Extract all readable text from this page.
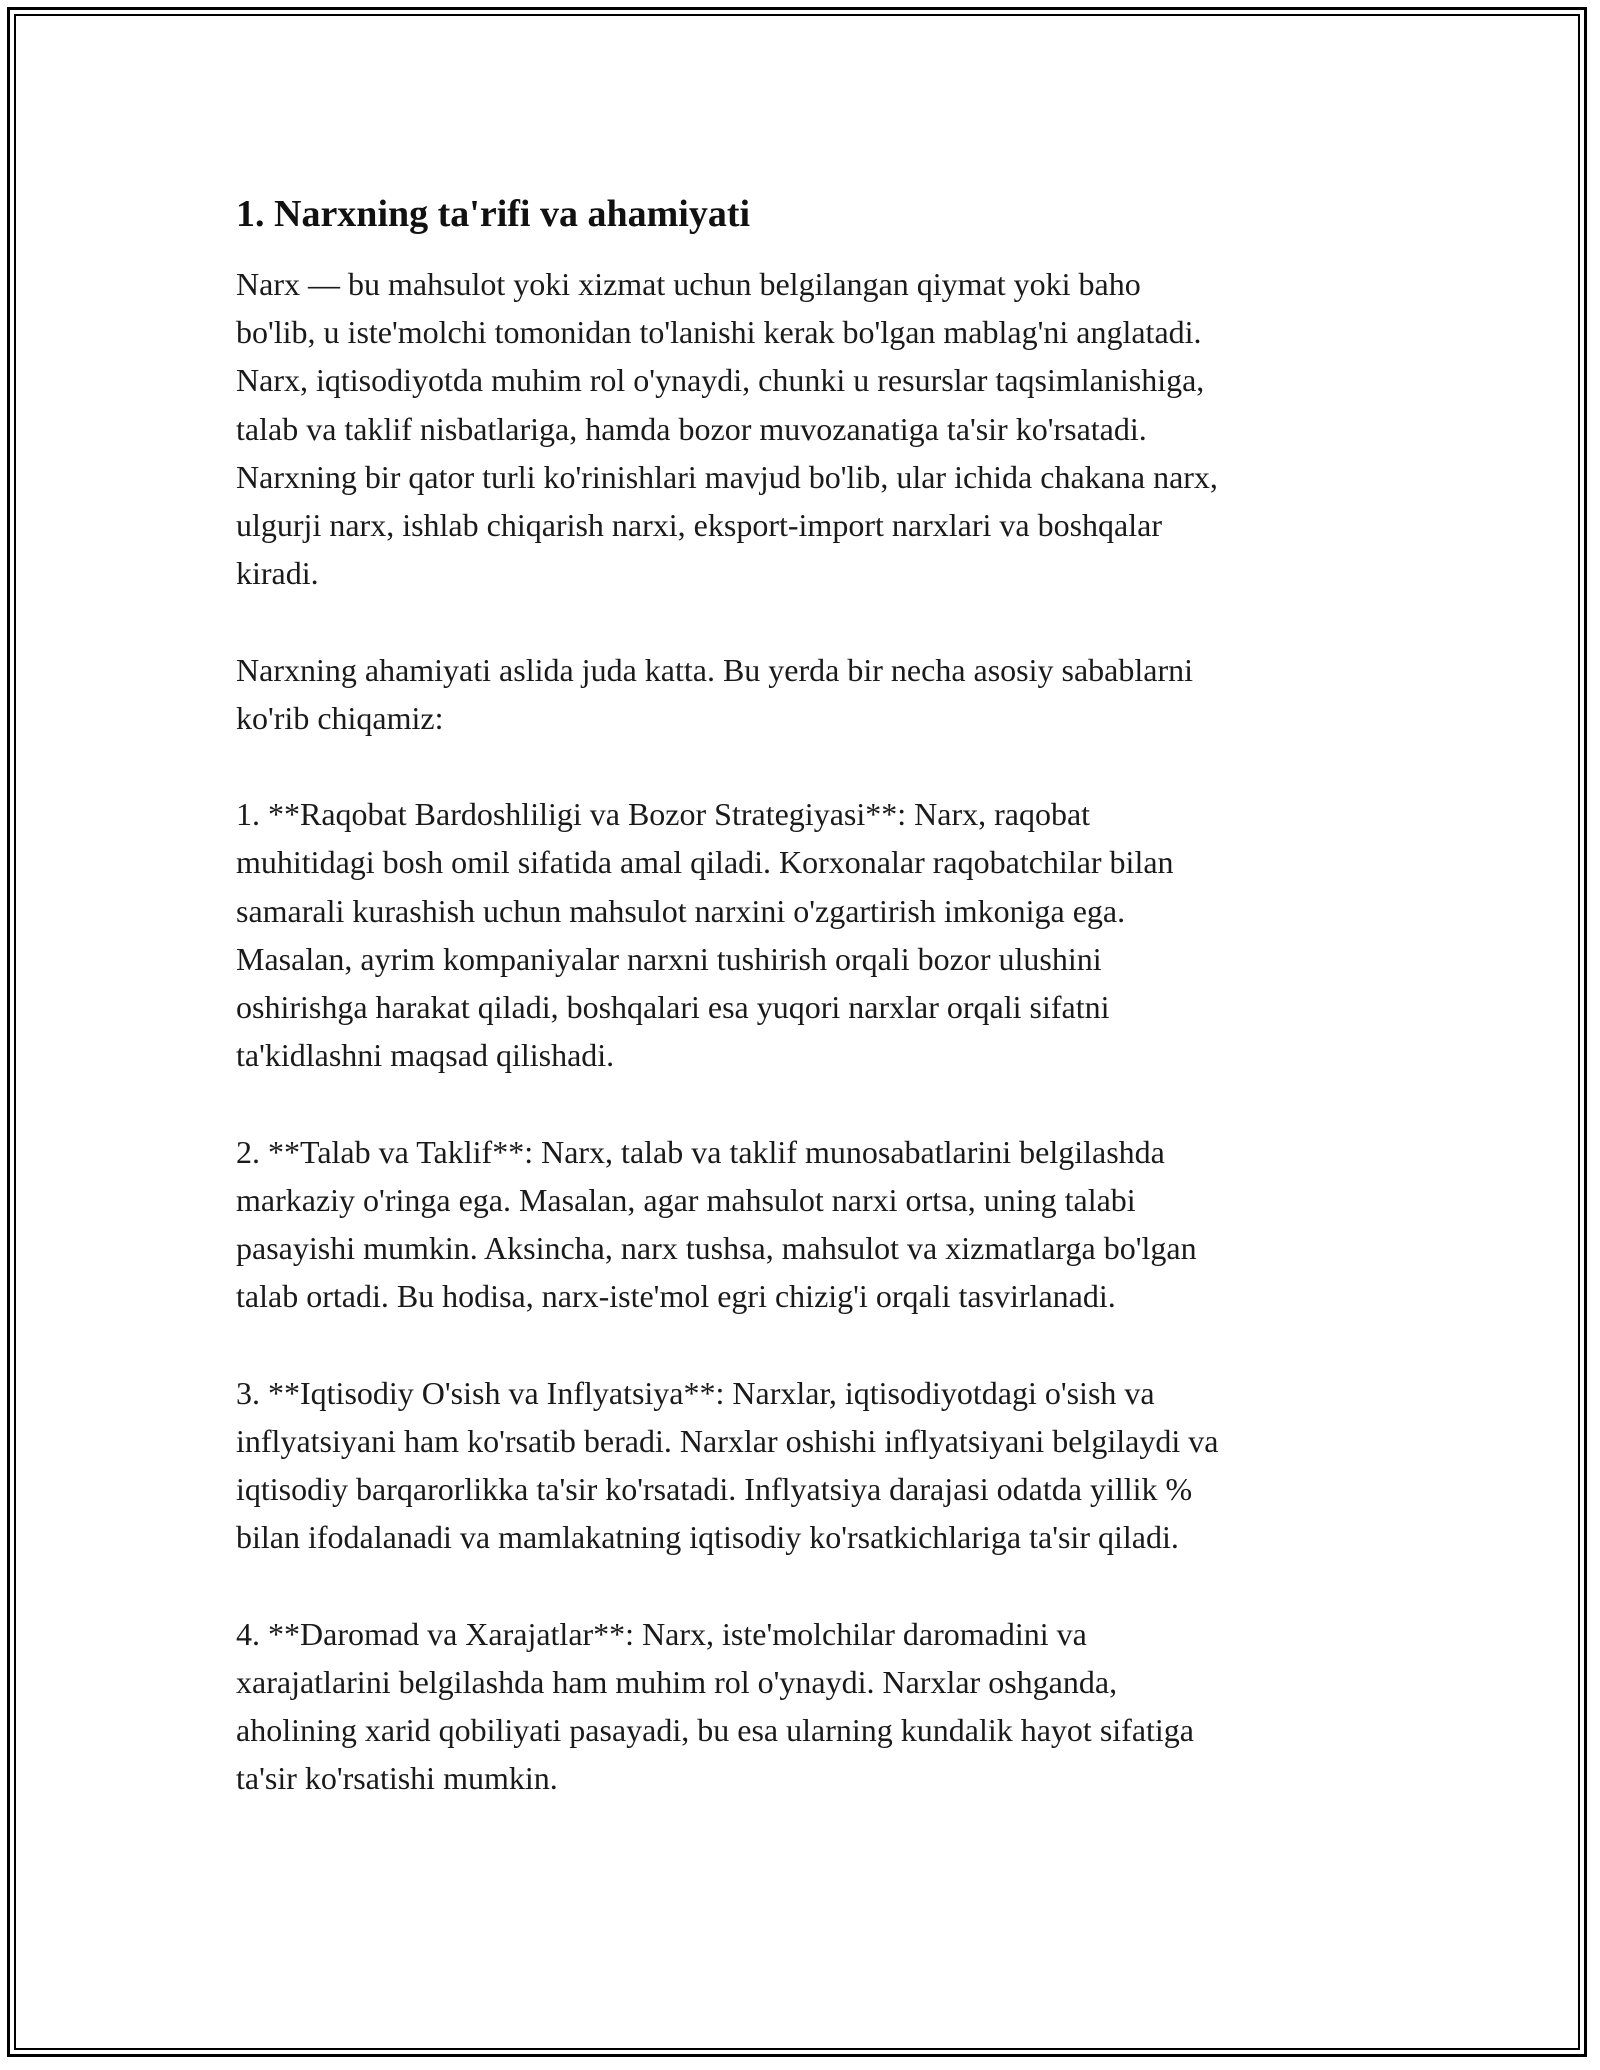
1. Narxning ta'rifi va ahamiyati
Narx — bu mahsulot yoki xizmat uchun belgilangan qiymat yoki baho
bo'lib, u iste'molchi tomonidan to'lanishi kerak bo'lgan mablag'ni anglatadi.
Narx, iqtisodiyotda muhim rol o'ynaydi, chunki u resurslar taqsimlanishiga,
talab va taklif nisbatlariga, hamda bozor muvozanatiga ta'sir ko'rsatadi.
Narxning bir qator turli ko'rinishlari mavjud bo'lib, ular ichida chakana narx,
ulgurji narx, ishlab chiqarish narxi, eksport-import narxlari va boshqalar
kiradi.
Narxning ahamiyati aslida juda katta. Bu yerda bir necha asosiy sabablarni
ko'rib chiqamiz:
1. **Raqobat Bardoshliligi va Bozor Strategiyasi**: Narx, raqobat
muhitidagi bosh omil sifatida amal qiladi. Korxonalar raqobatchilar bilan
samarali kurashish uchun mahsulot narxini o'zgartirish imkoniga ega.
Masalan, ayrim kompaniyalar narxni tushirish orqali bozor ulushini
oshirishga harakat qiladi, boshqalari esa yuqori narxlar orqali sifatni
ta'kidlashni maqsad qilishadi.
2. **Talab va Taklif**: Narx, talab va taklif munosabatlarini belgilashda
markaziy o'ringa ega. Masalan, agar mahsulot narxi ortsa, uning talabi
pasayishi mumkin. Aksincha, narx tushsa, mahsulot va xizmatlarga bo'lgan
talab ortadi. Bu hodisa, narx-iste'mol egri chizig'i orqali tasvirlanadi.
3. **Iqtisodiy O'sish va Inflyatsiya**: Narxlar, iqtisodiyotdagi o'sish va
inflyatsiyani ham ko'rsatib beradi. Narxlar oshishi inflyatsiyani belgilaydi va
iqtisodiy barqarorlikka ta'sir ko'rsatadi. Inflyatsiya darajasi odatda yillik %
bilan ifodalanadi va mamlakatning iqtisodiy ko'rsatkichlariga ta'sir qiladi.
4. **Daromad va Xarajatlar**: Narx, iste'molchilar daromadini va
xarajatlarini belgilashda ham muhim rol o'ynaydi. Narxlar oshganda,
aholining xarid qobiliyati pasayadi, bu esa ularning kundalik hayot sifatiga
ta'sir ko'rsatishi mumkin.
